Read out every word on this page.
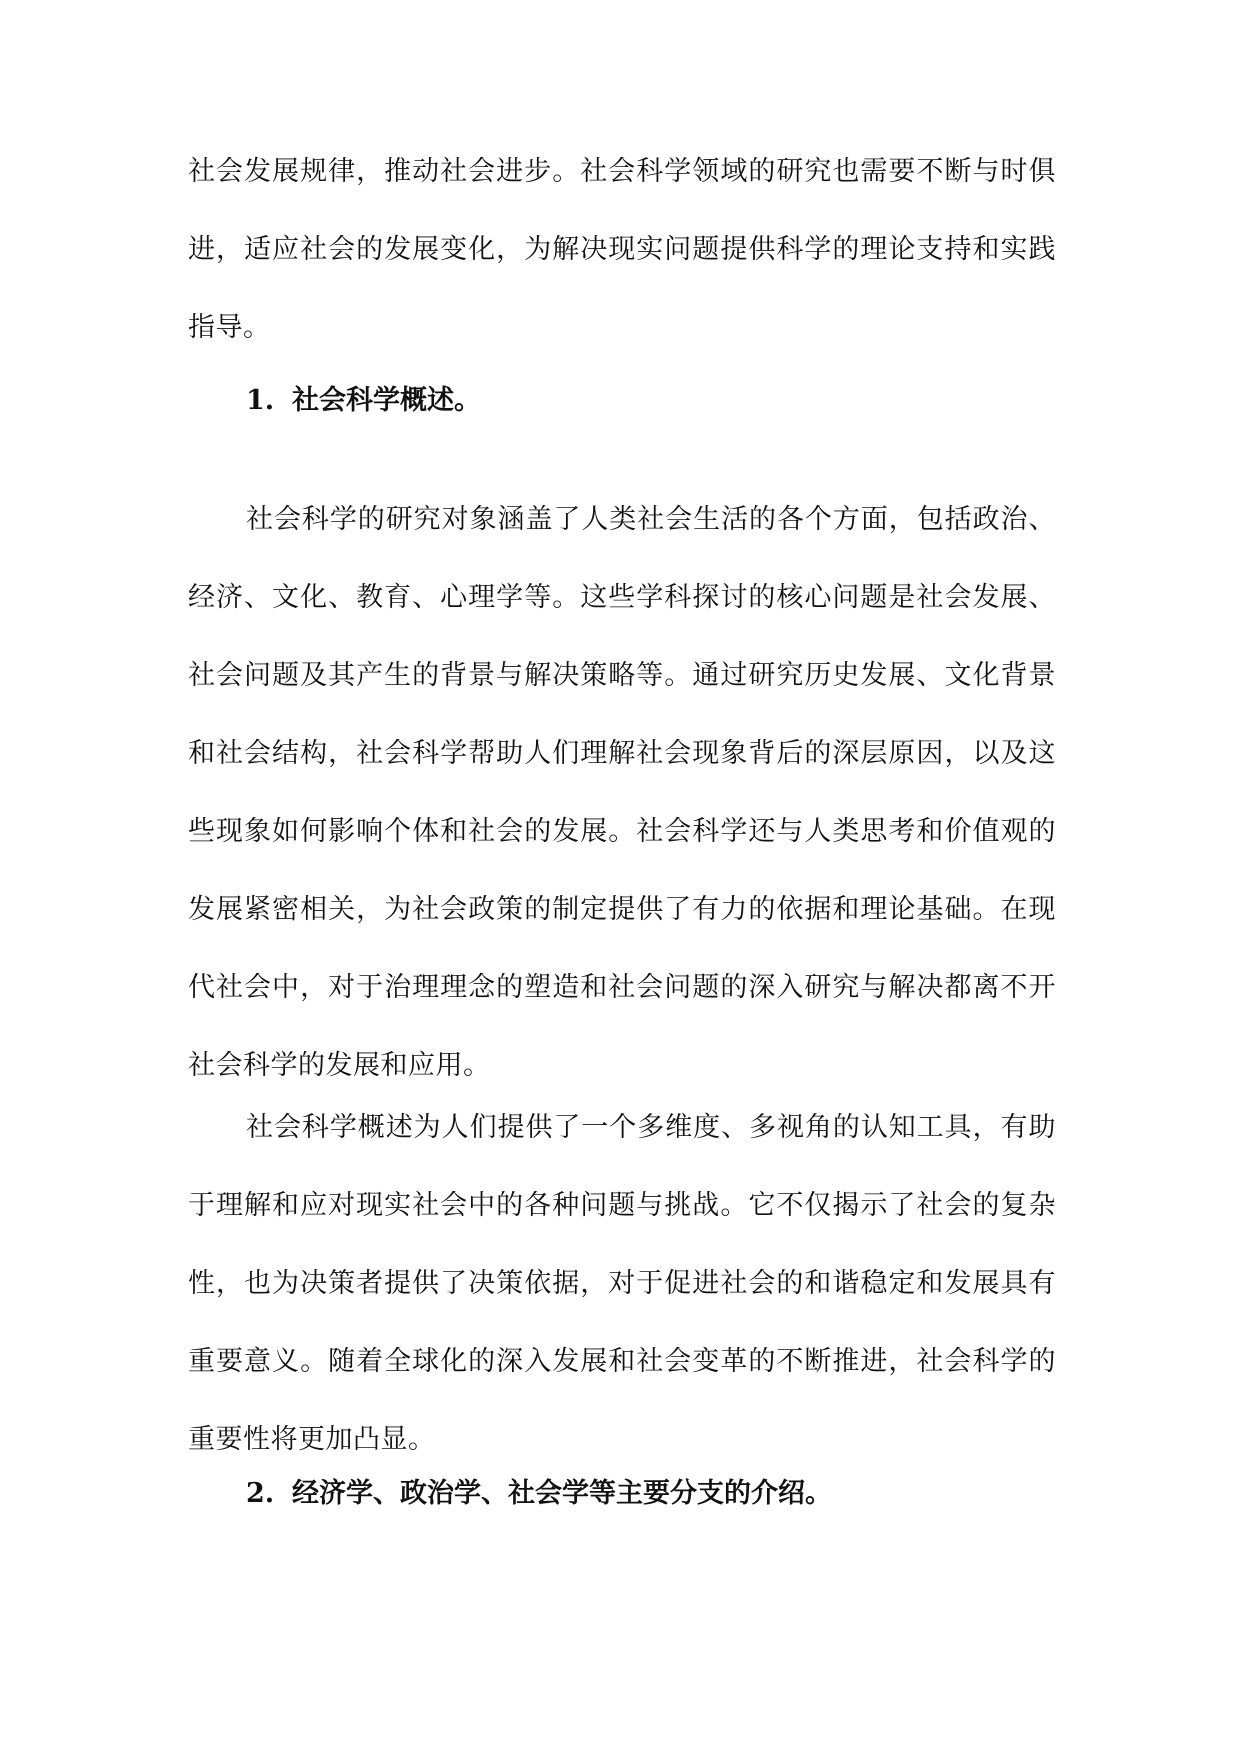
社会发展规律，推动社会进步。社会科学领域的研究也需要不断与时俱进，适应社会的发展变化，为解决现实问题提供科学的理论支持和实践指导。
1. 社会科学概述。
社会科学的研究对象涵盖了人类社会生活的各个方面，包括政治、经济、文化、教育、心理学等。这些学科探讨的核心问题是社会发展、社会问题及其产生的背景与解决策略等。通过研究历史发展、文化背景和社会结构，社会科学帮助人们理解社会现象背后的深层原因，以及这些现象如何影响个体和社会的发展。社会科学还与人类思考和价值观的发展紧密相关，为社会政策的制定提供了有力的依据和理论基础。在现代社会中，对于治理理念的塑造和社会问题的深入研究与解决都离不开社会科学的发展和应用。
社会科学概述为人们提供了一个多维度、多视角的认知工具，有助于理解和应对现实社会中的各种问题与挑战。它不仅揭示了社会的复杂性，也为决策者提供了决策依据，对于促进社会的和谐稳定和发展具有重要意义。随着全球化的深入发展和社会变革的不断推进，社会科学的重要性将更加凸显。
2. 经济学、政治学、社会学等主要分支的介绍。
